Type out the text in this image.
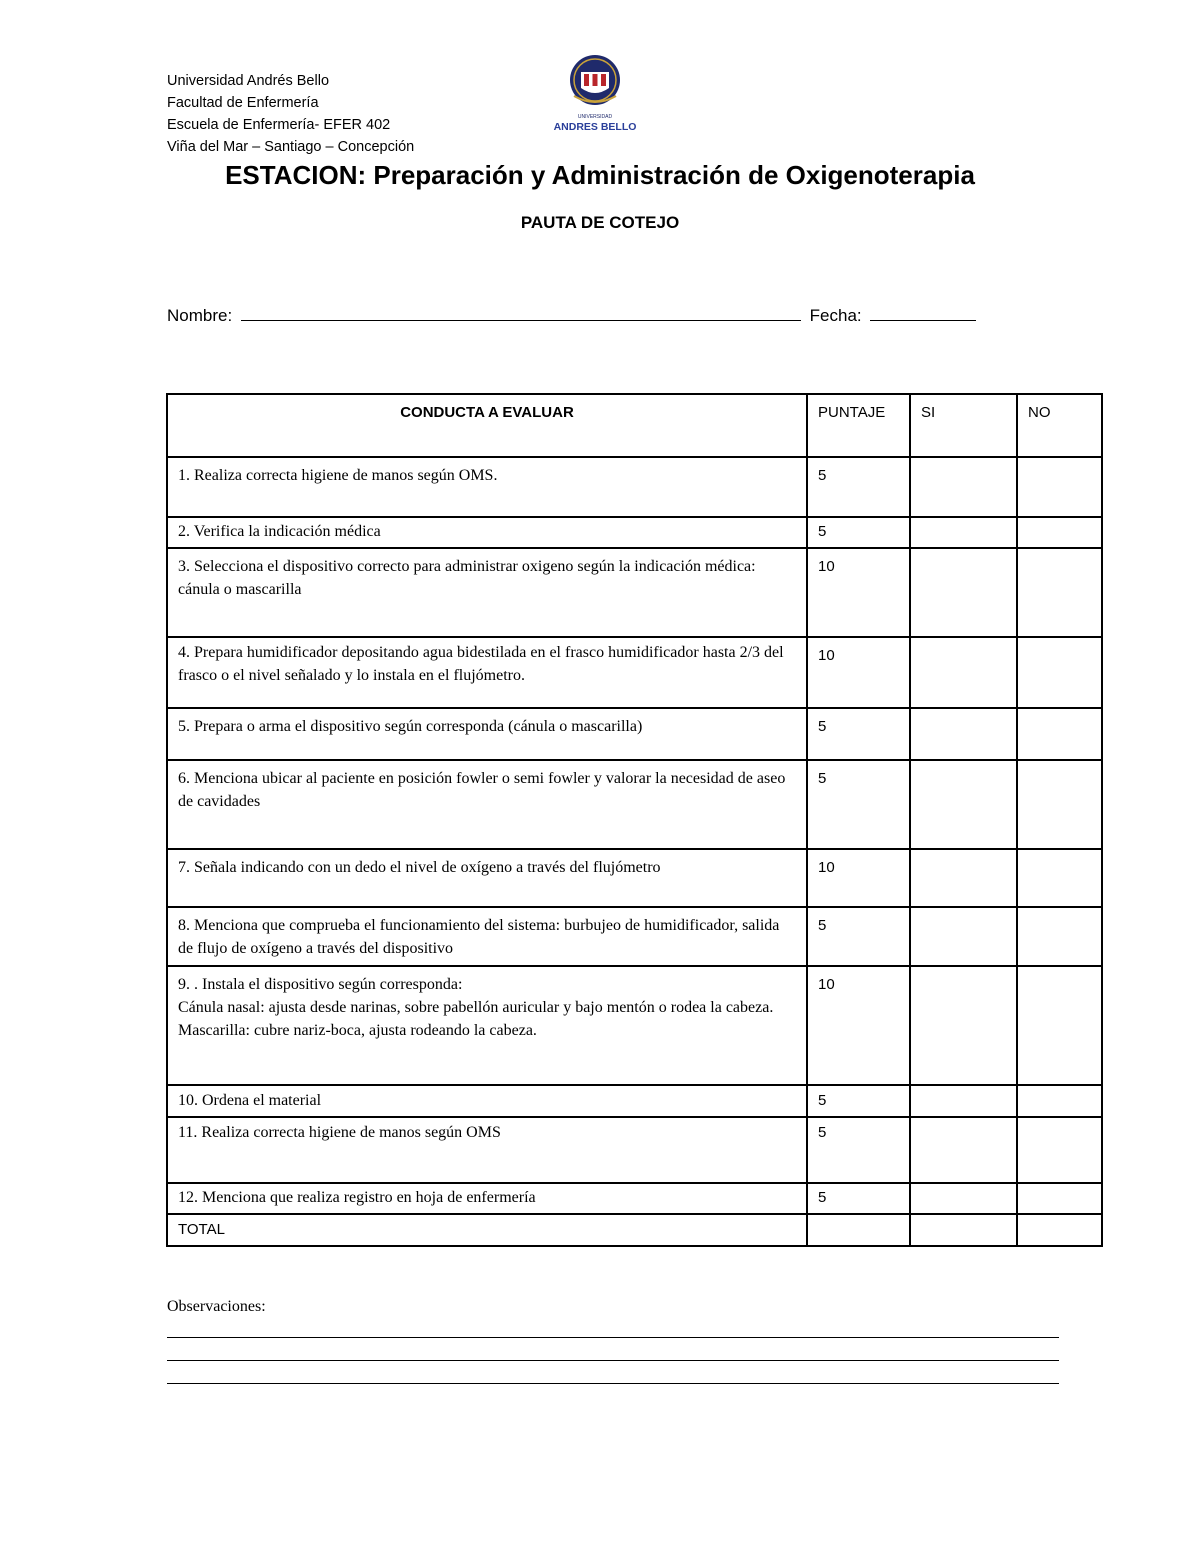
Universidad Andrés Bello
Facultad de Enfermería
Escuela de Enfermería- EFER 402
Viña del Mar – Santiago – Concepción
UNIVERSIDAD
ANDRES BELLO
ESTACION: Preparación y Administración de Oxigenoterapia
PAUTA DE COTEJO
Nombre:	Fecha:
CONDUCTA A EVALUAR	PUNTAJE	SI	NO
1. Realiza correcta higiene de manos según OMS.	5		
2. Verifica la indicación médica	5		
3. Selecciona el dispositivo correcto para administrar oxigeno según la indicación médica: cánula o mascarilla	10		
4. Prepara humidificador depositando agua bidestilada en el frasco humidificador hasta 2/3 del frasco o el nivel señalado y lo instala en el flujómetro.	10		
5. Prepara o arma el dispositivo según corresponda (cánula o mascarilla)	5		
6. Menciona ubicar al paciente en posición fowler o semi fowler y valorar la necesidad de aseo de cavidades	5		
7. Señala indicando con un dedo el nivel de oxígeno a través del flujómetro	10		
8. Menciona que comprueba el funcionamiento del sistema: burbujeo de humidificador, salida de flujo de oxígeno a través del dispositivo	5		

9. . Instala el dispositivo según corresponda:
Cánula nasal: ajusta desde narinas, sobre pabellón auricular y bajo mentón o rodea la cabeza.
Mascarilla: cubre nariz-boca, ajusta rodeando la cabeza.	10		
10. Ordena el material	5		
11. Realiza correcta higiene de manos según OMS	5		
12. Menciona que realiza registro en hoja de enfermería	5		
TOTAL			
Observaciones:
